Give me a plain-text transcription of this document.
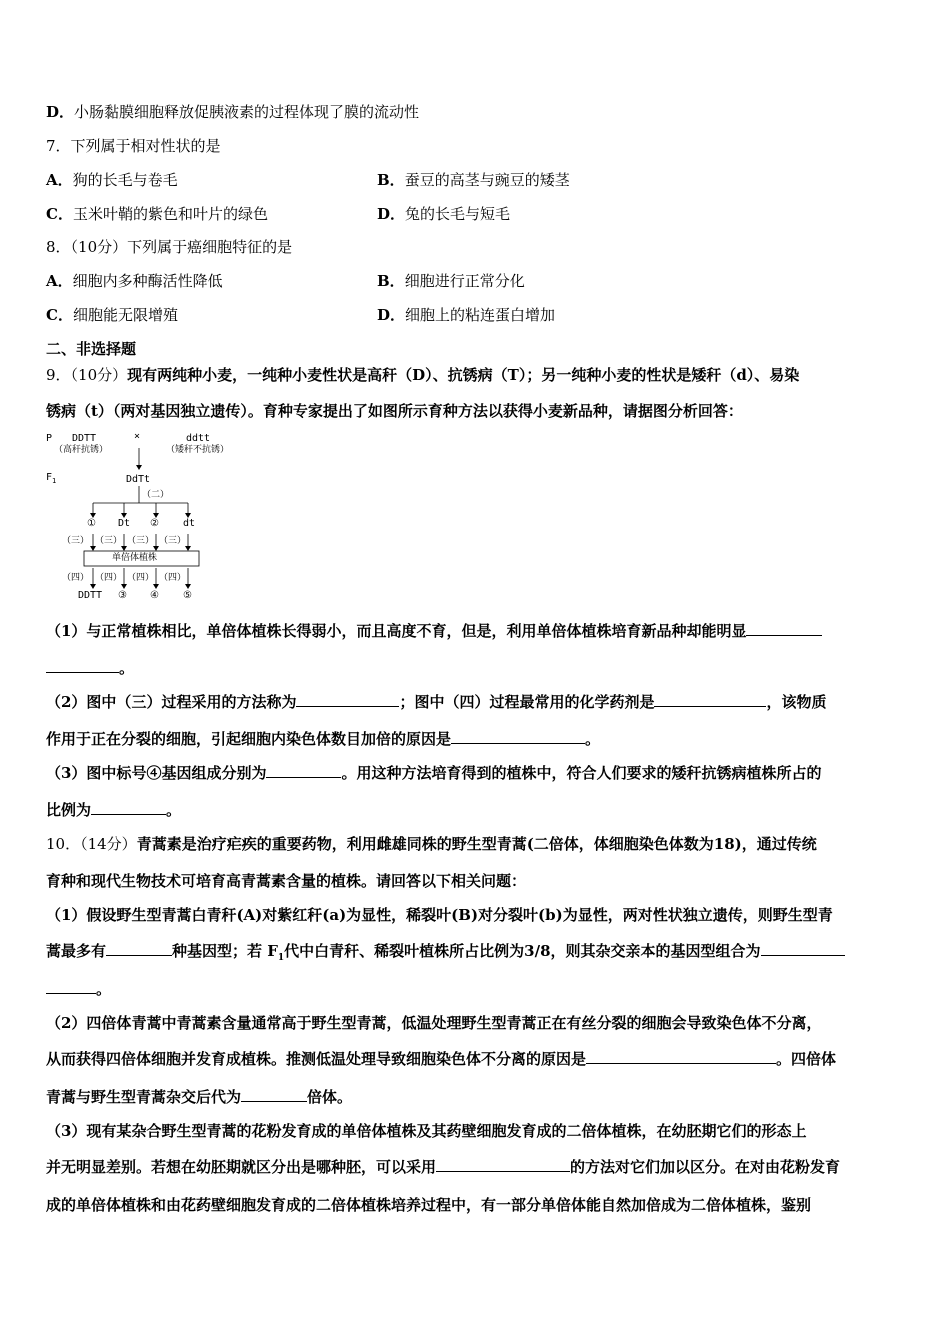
D．小肠黏膜细胞释放促胰液素的过程体现了膜的流动性
7．下列属于相对性状的是
A．狗的长毛与卷毛	B．蚕豆的高茎与豌豆的矮茎
C．玉米叶鞘的紫色和叶片的绿色	D．兔的长毛与短毛
8．（10分）下列属于癌细胞特征的是
A．细胞内多种酶活性降低	B．细胞进行正常分化
C．细胞能无限增殖	D．细胞上的粘连蛋白增加
二、非选择题
9．（10分）现有两纯种小麦，一纯种小麦性状是高秆（D）、抗锈病（T）；另一纯种小麦的性状是矮秆（d）、易染
锈病（t）（两对基因独立遗传）。育种专家提出了如图所示育种方法以获得小麦新品种，请据图分析回答：
P DDTT	×	ddtt
（高秆抗锈）	（矮秆不抗锈）
$F_1$	DdTt
（二）
① Dt ② dt
（三） （三） （三） （三）
单倍体植株
（四） （四） （四） （四）
DDTT ③ ④ ⑤
（1）与正常植株相比，单倍体植株长得弱小，而且高度不育，但是，利用单倍体植株培育新品种却能明显
。
（2）图中（三）过程采用的方法称为	；图中（四）过程最常用的化学药剂是	，该物质
作用于正在分裂的细胞，引起细胞内染色体数目加倍的原因是	。
（3）图中标号④基因组成分别为	。用这种方法培育得到的植株中，符合人们要求的矮秆抗锈病植株所占的
比例为	。
10．（14分）青蒿素是治疗疟疾的重要药物，利用雌雄同株的野生型青蒿(二倍体，体细胞染色体数为18)，通过传统
育种和现代生物技术可培育高青蒿素含量的植株。请回答以下相关问题：
（1）假设野生型青蒿白青秆(A)对紫红秆(a)为显性，稀裂叶(B)对分裂叶(b)为显性，两对性状独立遗传，则野生型青
蒿最多有	种基因型；若 $F_1$代中白青秆、稀裂叶植株所占比例为3/8，则其杂交亲本的基因型组合为
。
（2）四倍体青蒿中青蒿素含量通常高于野生型青蒿，低温处理野生型青蒿正在有丝分裂的细胞会导致染色体不分离，
从而获得四倍体细胞并发育成植株。推测低温处理导致细胞染色体不分离的原因是	。四倍体
青蒿与野生型青蒿杂交后代为	倍体。
（3）现有某杂合野生型青蒿的花粉发育成的单倍体植株及其药壁细胞发育成的二倍体植株，在幼胚期它们的形态上
并无明显差别。若想在幼胚期就区分出是哪种胚，可以采用	的方法对它们加以区分。在对由花粉发育
成的单倍体植株和由花药壁细胞发育成的二倍体植株培养过程中，有一部分单倍体能自然加倍成为二倍体植株，鉴别
